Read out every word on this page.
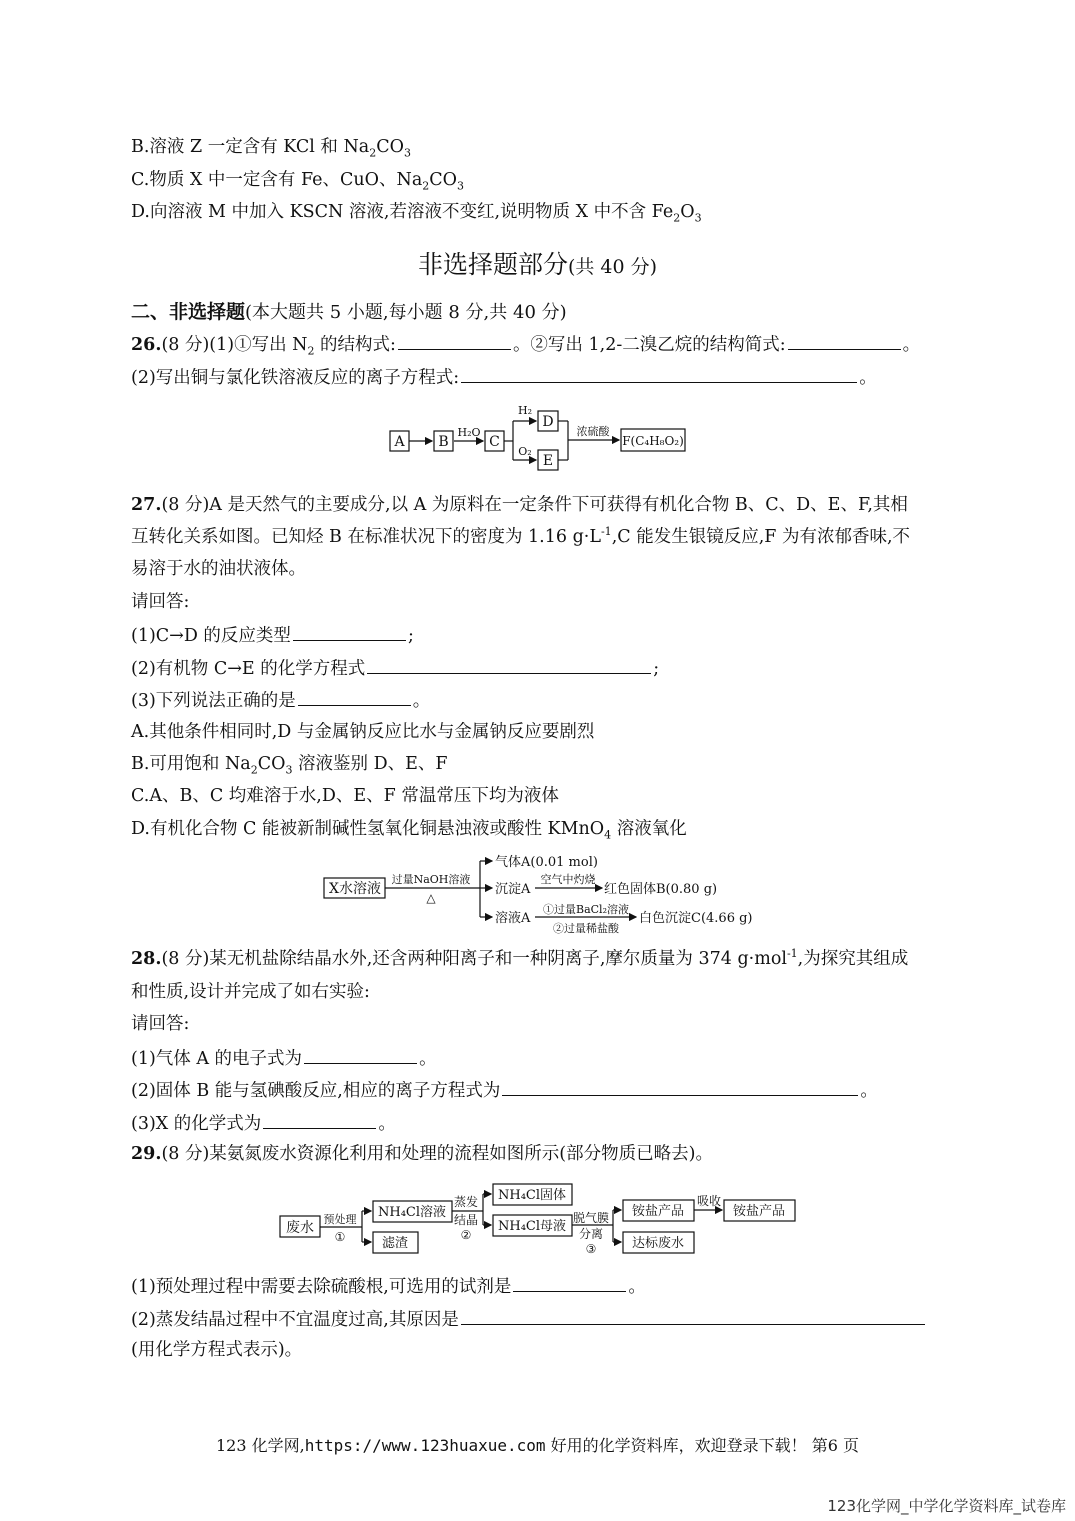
B.溶液 Z 一定含有 KCl 和 $Na_2CO_3$
C.物质 X 中一定含有 Fe、CuO、$Na_2CO_3$
D.向溶液 M 中加入 KSCN 溶液,若溶液不变红,说明物质 X 中不含 $Fe_2O_3$
非选择题部分(共 40 分)
二、非选择题(本大题共 5 小题,每小题 8 分,共 40 分)
26.(8 分)(1)①写出 $N_2$ 的结构式:	。②写出 1,2-二溴乙烷的结构简式:	。
(2)写出铜与氯化铁溶液反应的离子方程式:	。
A B	C
D
E
F(C₄H₈O₂)
H₂O
H₂
O₂
浓硫酸
27.(8 分)A 是天然气的主要成分,以 A 为原料在一定条件下可获得有机化合物 B、C、D、E、F,其相
互转化关系如图。已知烃 B 在标准状况下的密度为 1.16 $g\cdot L^{-1},C$ 能发生银镜反应,F 为有浓郁香味,不
易溶于水的油状液体。
请回答:
(1)C→D 的反应类型	;
(2)有机物 C→E 的化学方程式	;
(3)下列说法正确的是	。
A.其他条件相同时,D 与金属钠反应比水与金属钠反应要剧烈
B.可用饱和 $Na_2CO_3$ 溶液鉴别 D、E、F
C.A、B、C 均难溶于水,D、E、F 常温常压下均为液体
D.有机化合物 C 能被新制碱性氢氧化铜悬浊液或酸性 KMnO$_4$ 溶液氧化
X水溶液
过量NaOH溶液
△
气体A(0.01 mol)
沉淀A
空气中灼烧
红色固体B(0.80 g)
溶液A
①过量BaCl₂溶液
②过量稀盐酸
白色沉淀C(4.66 g)
28.(8 分)某无机盐除结晶水外,还含两种阳离子和一种阴离子,摩尔质量为 374 g·mol$^{-1}$,为探究其组成
和性质,设计并完成了如右实验:
请回答:
(1)气体 A 的电子式为	。
(2)固体 B 能与氢碘酸反应,相应的离子方程式为	。
(3)X 的化学式为	。
29.(8 分)某氨氮废水资源化利用和处理的流程如图所示(部分物质已略去)。
废水
预处理
①
NH₄Cl溶液
滤渣
蒸发
结晶
②
NH₄Cl固体
NH₄Cl母液
脱气膜
分离
③
铵盐产品
吸收
铵盐产品
达标废水
(1)预处理过程中需要去除硫酸根,可选用的试剂是	。
(2)蒸发结晶过程中不宜温度过高,其原因是
(用化学方程式表示)。
123 化学网,https://www.123huaxue.com 好用的化学资料库，欢迎登录下载！ 第6 页
123化学网_中学化学资料库_试卷库
